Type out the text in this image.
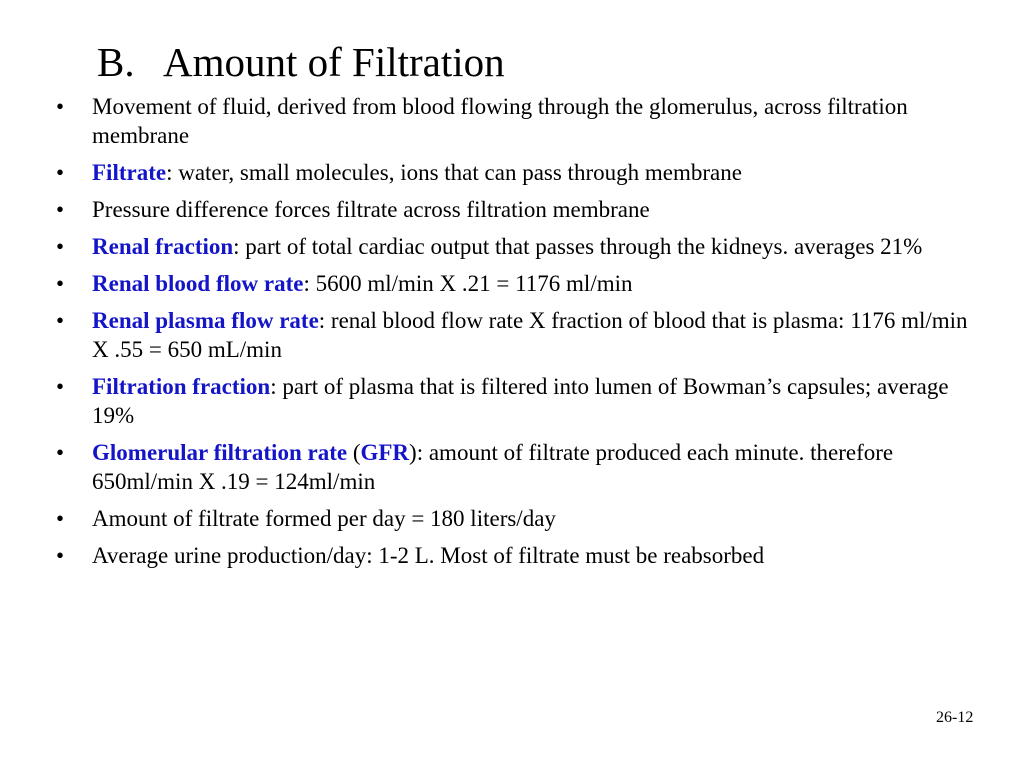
B. Amount of Filtration
• Movement of fluid, derived from blood flowing through the glomerulus, across filtration membrane
• Filtrate: water, small molecules, ions that can pass through membrane
• Pressure difference forces filtrate across filtration membrane
• Renal fraction: part of total cardiac output that passes through the kidneys. averages 21%
• Renal blood flow rate: 5600 ml/min X .21 = 1176 ml/min
• Renal plasma flow rate: renal blood flow rate X fraction of blood that is plasma: 1176 ml/min X .55 = 650 mL/min
• Filtration fraction: part of plasma that is filtered into lumen of Bowman’s capsules; average 19%
• Glomerular filtration rate (GFR): amount of filtrate produced each minute. therefore 650ml/min X .19 = 124ml/min
• Amount of filtrate formed per day = 180 liters/day
• Average urine production/day: 1-2 L. Most of filtrate must be reabsorbed
26-12
